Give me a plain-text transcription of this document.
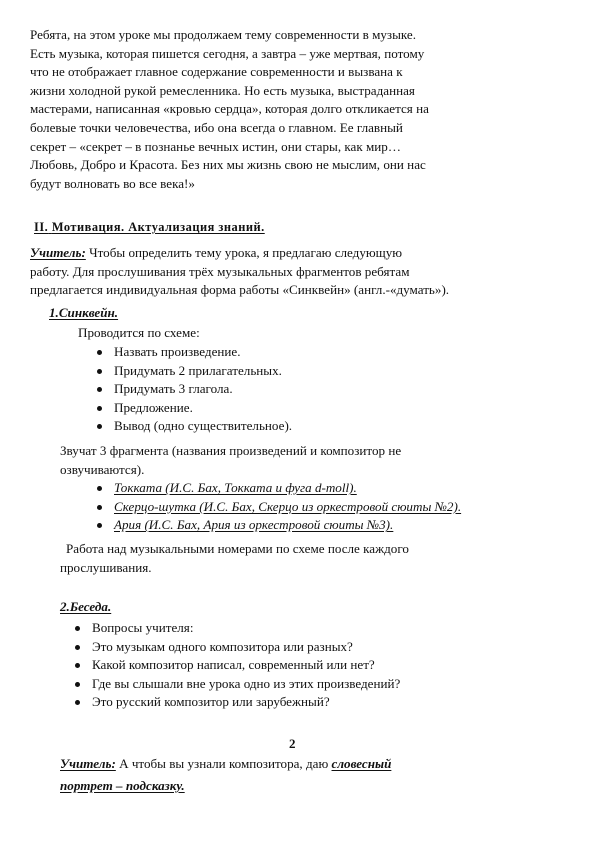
Ребята, на этом уроке мы продолжаем тему современности в музыке.

Есть музыка, которая пишется сегодня, а завтра – уже мертвая, потому

что не отображает главное содержание современности и вызвана к

жизни холодной рукой ремесленника. Но есть музыка, выстраданная

мастерами, написанная «кровью сердца», которая долго откликается на

болевые точки человечества, ибо она всегда о главном. Ее главный

секрет – «секрет – в познанье вечных истин, они стары, как мир…

Любовь, Добро и Красота. Без них мы жизнь свою не мыслим, они нас

будут волновать во все века!»

II. Мотивация. Актуализация знаний.

Учитель: Чтобы определить тему урока, я предлагаю следующую

работу. Для прослушивания трёх музыкальных фрагментов ребятам

предлагается индивидуальная форма работы «Синквейн» (англ.-«думать»).

1.Синквейн.
Проводится по схеме:
Назвать произведение.
Придумать 2 прилагательных.
Придумать 3 глагола.
Предложение.
Вывод (одно существительное).

Звучат 3 фрагмента (названия произведений и композитор не

озвучиваются).

Токката (И.С. Бах, Токката и фуга d-moll).
Скерцо-шутка (И.С. Бах, Скерцо из оркестровой сюиты №2).
Ария (И.С. Бах, Ария из оркестровой сюиты №3).

Работа над музыкальными номерами по схеме после каждого

прослушивания.

2.Беседа.
Вопросы учителя:
Это музыкам одного композитора или разных?
Какой композитор написал, современный или нет?
Где вы слышали вне урока одно из этих произведений?
Это русский композитор или зарубежный?
2

Учитель: А чтобы вы узнали композитора, даю словесный

портрет – подсказку.
